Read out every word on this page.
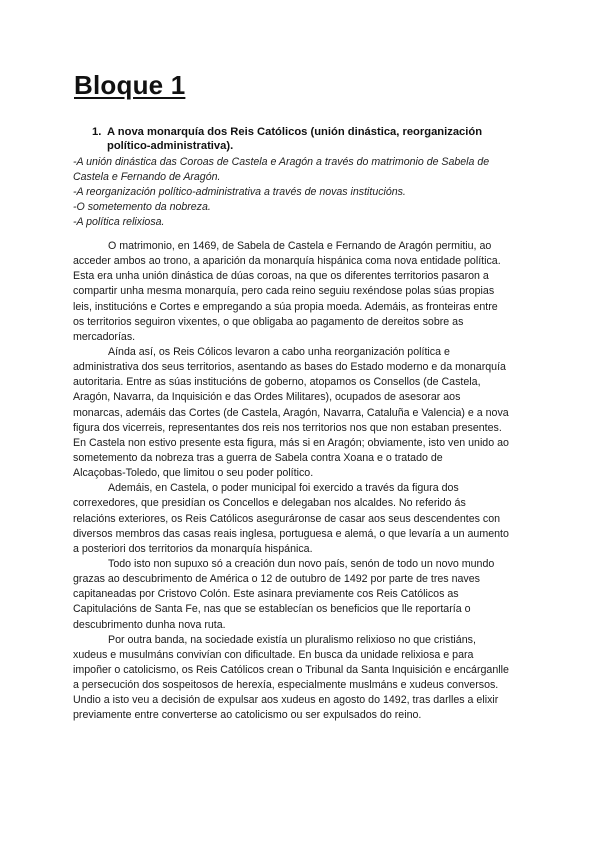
Bloque 1
1. A nova monarquía dos Reis Católicos (unión dinástica, reorganización
político-administrativa).
-A unión dinástica das Coroas de Castela e Aragón a través do matrimonio de Sabela de
Castela e Fernando de Aragón.
-A reorganización político-administrativa a través de novas institucións.
-O sometemento da nobreza.
-A política relixiosa.
O matrimonio, en 1469, de Sabela de Castela e Fernando de Aragón permitiu, ao
acceder ambos ao trono, a aparición da monarquía hispánica coma nova entidade política.
Esta era unha unión dinástica de dúas coroas, na que os diferentes territorios pasaron a
compartir unha mesma monarquía, pero cada reino seguiu rexéndose polas súas propias
leis, institucións e Cortes e empregando a súa propia moeda. Ademáis, as fronteiras entre
os territorios seguiron vixentes, o que obligaba ao pagamento de dereitos sobre as
mercadorías.
Aínda así, os Reis Cólicos levaron a cabo unha reorganización política e
administrativa dos seus territorios, asentando as bases do Estado moderno e da monarquía
autoritaria. Entre as súas institucións de goberno, atopamos os Consellos (de Castela,
Aragón, Navarra, da Inquisición e das Ordes Militares), ocupados de asesorar aos
monarcas, ademáis das Cortes (de Castela, Aragón, Navarra, Cataluña e Valencia) e a nova
figura dos vicerreis, representantes dos reis nos territorios nos que non estaban presentes.
En Castela non estivo presente esta figura, más si en Aragón; obviamente, isto ven unido ao
sometemento da nobreza tras a guerra de Sabela contra Xoana e o tratado de
Alcaçobas-Toledo, que limitou o seu poder político.
Ademáis, en Castela, o poder municipal foi exercido a través da figura dos
correxedores, que presidían os Concellos e delegaban nos alcaldes. No referido ás
relacións exteriores, os Reis Católicos aseguráronse de casar aos seus descendentes con
diversos membros das casas reais inglesa, portuguesa e alemá, o que levaría a un aumento
a posteriori dos territorios da monarquía hispánica.
Todo isto non supuxo só a creación dun novo país, senón de todo un novo mundo
grazas ao descubrimento de América o 12 de outubro de 1492 por parte de tres naves
capitaneadas por Cristovo Colón. Este asinara previamente cos Reis Católicos as
Capitulacións de Santa Fe, nas que se establecían os beneficios que lle reportaría o
descubrimento dunha nova ruta.
Por outra banda, na sociedade existía un pluralismo relixioso no que cristiáns,
xudeus e musulmáns convivían con dificultade. En busca da unidade relixiosa e para
impoñer o catolicismo, os Reis Católicos crean o Tribunal da Santa Inquisición e encárganlle
a persecución dos sospeitosos de herexía, especialmente muslmáns e xudeus conversos.
Undio a isto veu a decisión de expulsar aos xudeus en agosto do 1492, tras darlles a elixir
previamente entre converterse ao catolicismo ou ser expulsados do reino.
